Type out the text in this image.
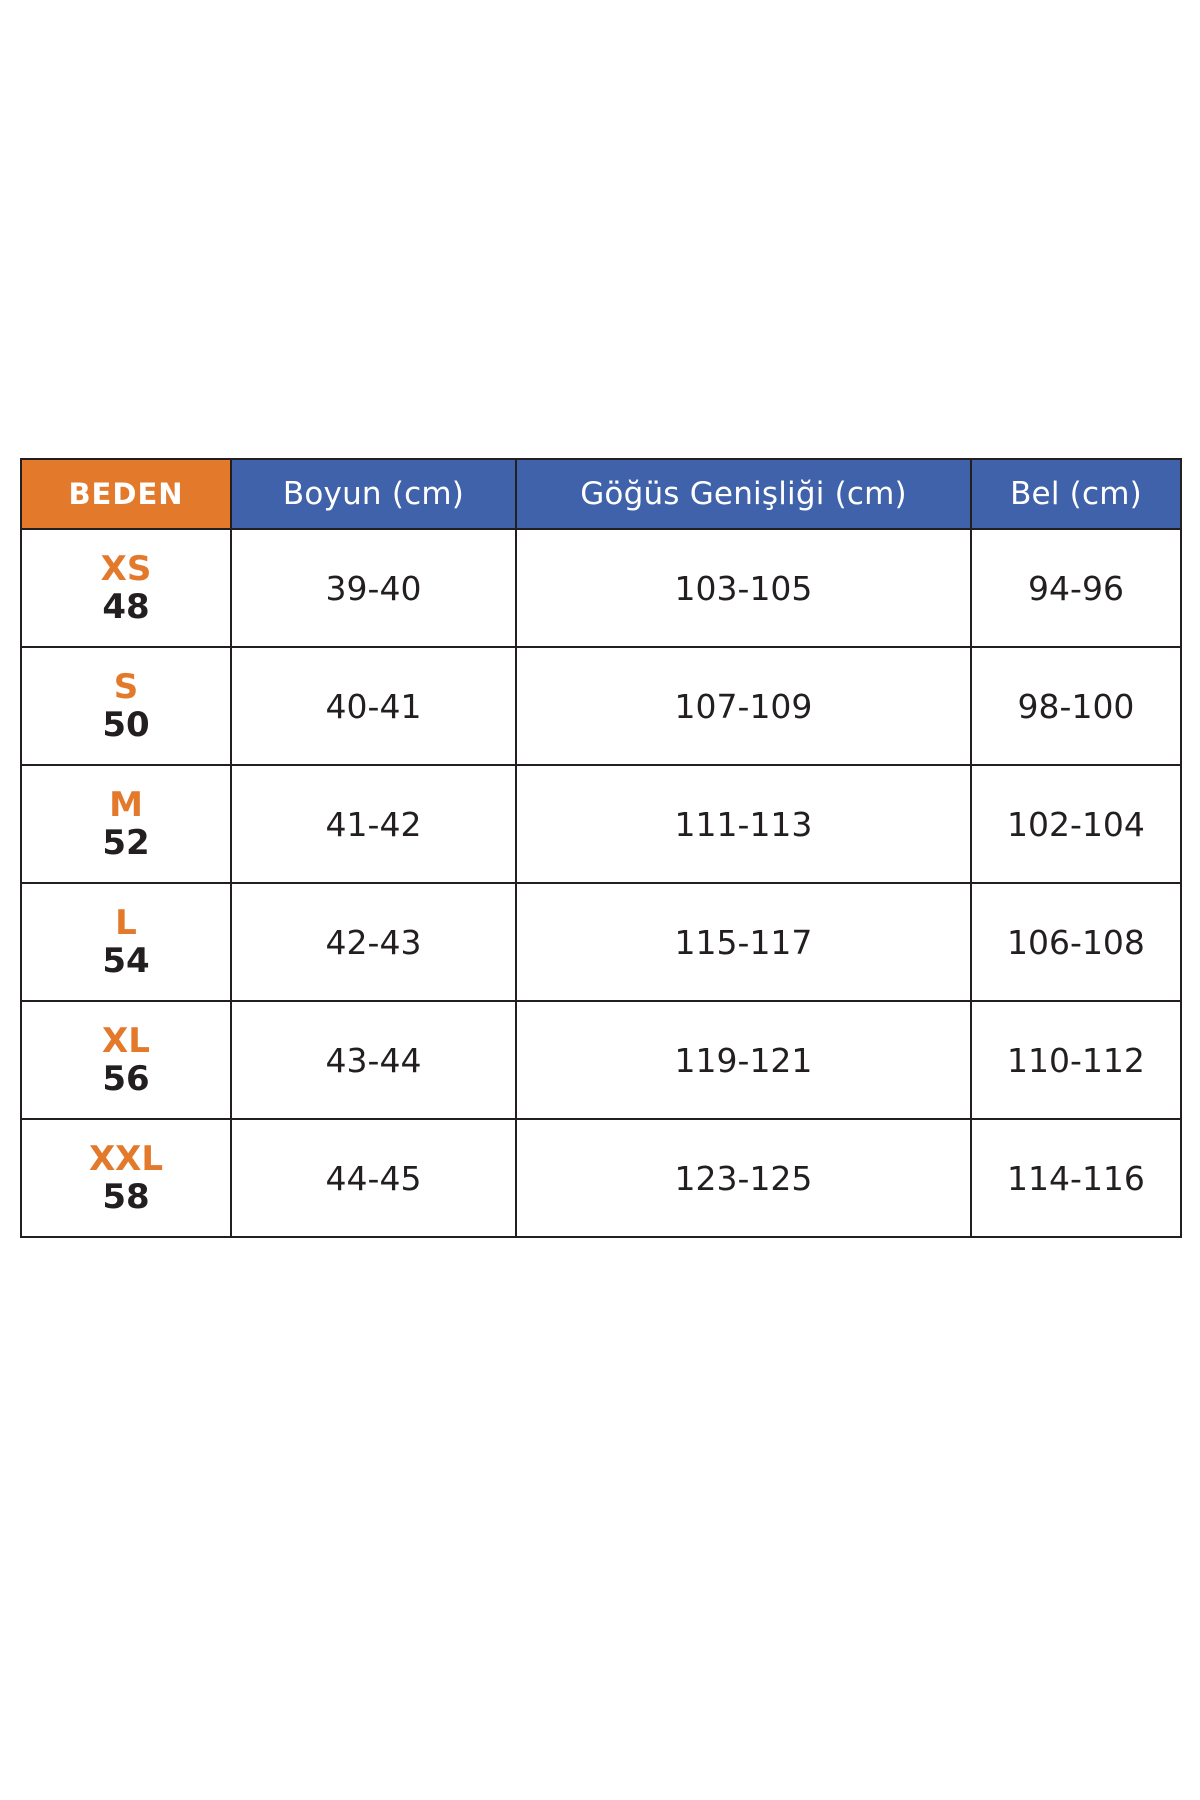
BEDEN	Boyun (cm)	Göğüs Genişliği (cm)	Bel (cm)

XS
48	39-40	103-105	94-96

S
50	40-41	107-109	98-100

M
52	41-42	111-113	102-104

L
54	42-43	115-117	106-108

XL
56	43-44	119-121	110-112

XXL
58	44-45	123-125	114-116
